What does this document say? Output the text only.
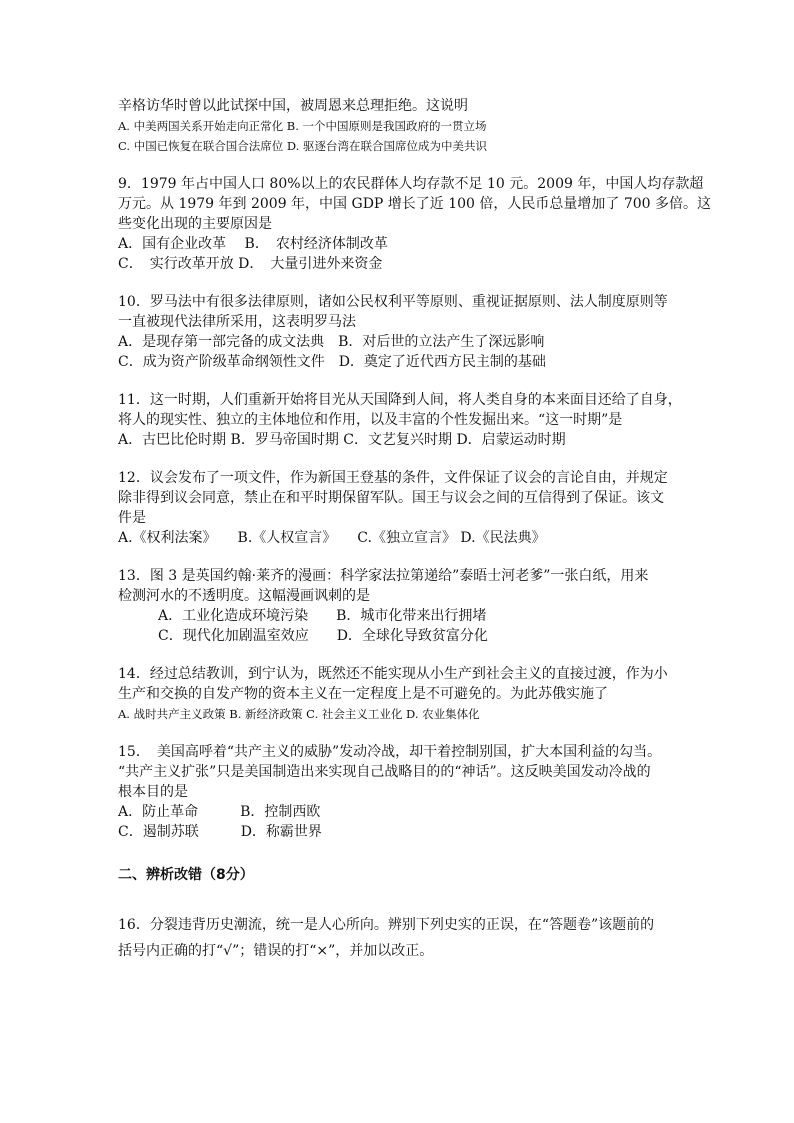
辛格访华时曾以此试探中国，被周恩来总理拒绝。这说明

A. 中美两国关系开始走向正常化 B. 一个中国原则是我国政府的一贯立场

C. 中国已恢复在联合国合法席位 D. 驱逐台湾在联合国席位成为中美共识

9．1979 年占中国人口 80%以上的农民群体人均存款不足 10 元。2009 年，中国人均存款超

万元。从 1979 年到 2009 年，中国 GDP 增长了近 100 倍，人民币总量增加了 700 多倍。这

些变化出现的主要原因是

A．国有企业改革　 B．　农村经济体制改革

C．　实行改革开放 D．　大量引进外来资金

10．罗马法中有很多法律原则，诸如公民权利平等原则、重视证据原则、法人制度原则等

一直被现代法律所采用，这表明罗马法

A．是现存第一部完备的成文法典　B．对后世的立法产生了深远影响

C．成为资产阶级革命纲领性文件　D．奠定了近代西方民主制的基础

11．这一时期，人们重新开始将目光从天国降到人间，将人类自身的本来面目还给了自身，

将人的现实性、独立的主体地位和作用，以及丰富的个性发掘出来。“这一时期”是

A．古巴比伦时期 B．罗马帝国时期 C．文艺复兴时期 D．启蒙运动时期

12．议会发布了一项文件，作为新国王登基的条件，文件保证了议会的言论自由，并规定

除非得到议会同意，禁止在和平时期保留军队。国王与议会之间的互信得到了保证。该文

件是

A.《权利法案》　　B.《人权宣言》　　C.《独立宣言》 D.《民法典》

13．图 3 是英国约翰·莱齐的漫画：科学家法拉第递给”泰晤士河老爹”一张白纸，用来

检测河水的不透明度。这幅漫画讽刺的是

A．工业化造成环境污染　　B．城市化带来出行拥堵

C．现代化加剧温室效应　　D．全球化导致贫富分化

14．经过总结教训，到宁认为，既然还不能实现从小生产到社会主义的直接过渡，作为小

生产和交换的自发产物的资本主义在一定程度上是不可避免的。为此苏俄实施了

A. 战时共产主义政策 B. 新经济政策 C. 社会主义工业化 D. 农业集体化

15．　美国高呼着“共产主义的威胁”发动冷战，却干着控制别国，扩大本国利益的勾当。

“共产主义扩张”只是美国制造出来实现自己战略目的的“神话”。这反映美国发动冷战的

根本目的是

A．防止革命　　　B．控制西欧

C．遏制苏联　　　D．称霸世界

二、辨析改错（8分）

16．分裂违背历史潮流，统一是人心所向。辨别下列史实的正误，在“答题卷”该题前的

括号内正确的打“√”；错误的打“×”，并加以改正。
